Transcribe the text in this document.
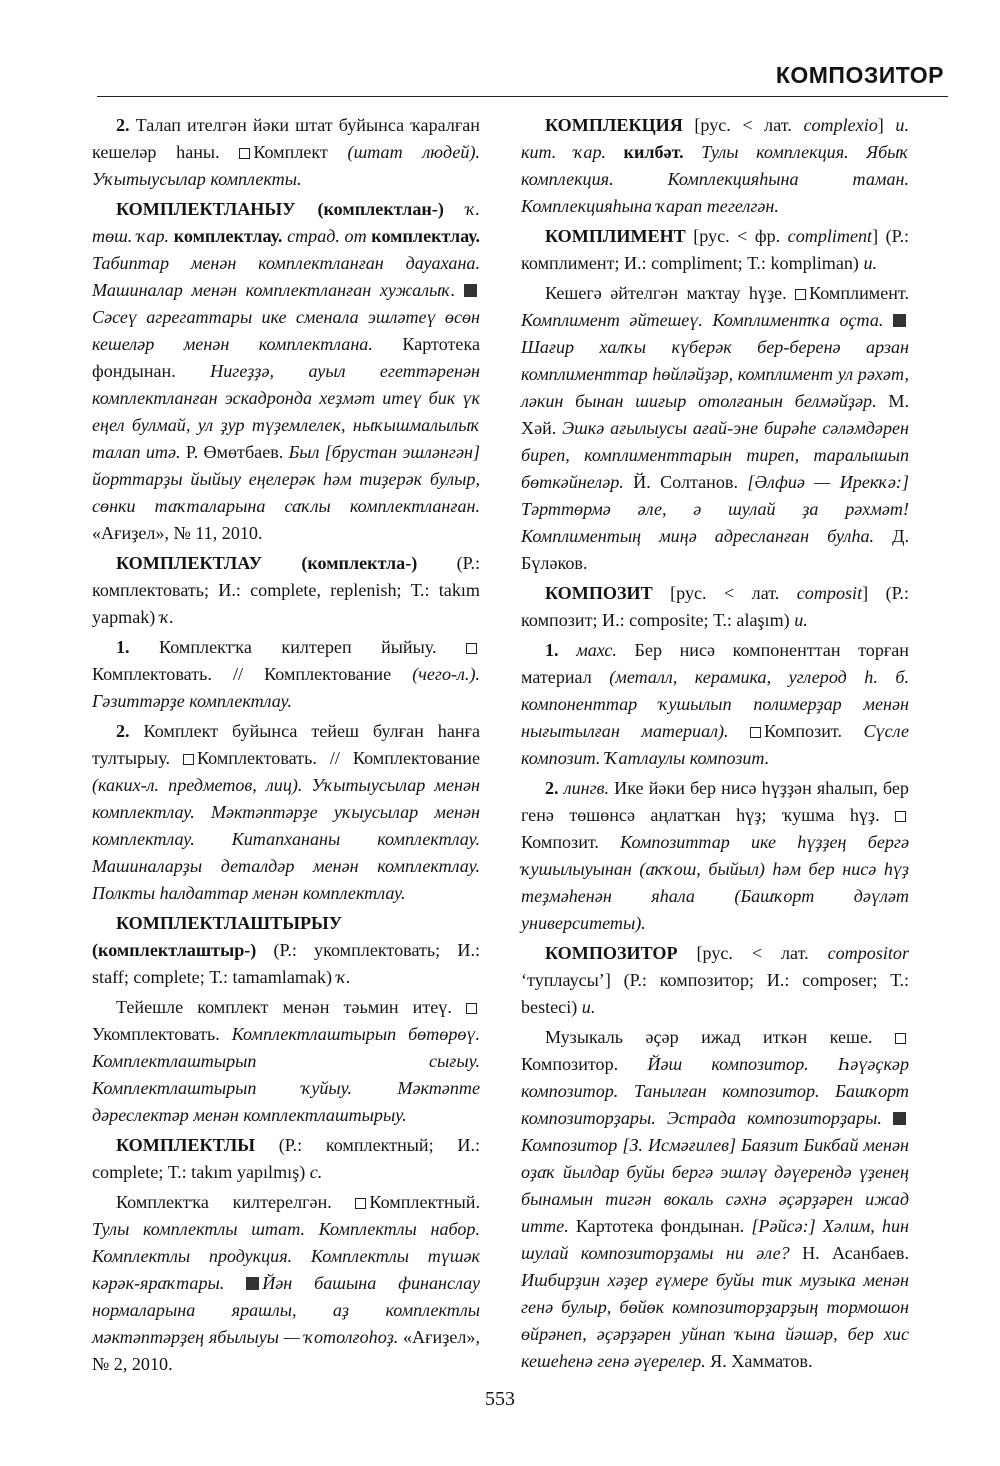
КОМПОЗИТОР

2. Талап ителгән йәки штат буйынса ҡаралған кешеләр һаны. Комплект (штат людей). Уҡытыусылар комплекты.

КОМПЛЕКТЛАНЫУ (комплектлан-) ҡ. төш. ҡар. комплектлау. страд. от комплектлау. Табиптар менән комплектланған дауахана. Машиналар менән комплектланған хужалыҡ. Сәсеү агрегаттары ике сменала эшләтеү өсөн кешеләр менән комплектлана. Картотека фондынан. Нигеҙҙә, ауыл егеттәренән комплектланған эскадронда хеҙмәт итеү бик үк еңел булмай, ул ҙур түҙемлелек, ныҡышмалылыҡ талап итә. Р. Өмөтбаев. Был [брустан эшләнгән] йорттарҙы йыйыу еңелерәк һәм тиҙерәк булыр, сөнки таҡталарына саҡлы комплектланған. «Ағиҙел», № 11, 2010.

КОМПЛЕКТЛАУ (комплектла-) (Р.: комплектовать; И.: complete, replenish; Т.: takım yapmak) ҡ.

1. Комплектҡа килтереп йыйыу. Комплектовать. // Комплектование (чего-л.). Гәзиттәрҙе комплектлау.

2. Комплект буйынса тейеш булған һанға тултырыу. Комплектовать. // Комплектование (каких-л. предметов, лиц). Уҡытыусылар менән комплектлау. Мәктәптәрҙе уҡыусылар менән комплектлау. Китапхананы комплектлау. Машиналарҙы деталдәр менән комплектлау. Полкты һалдаттар менән комплектлау.

КОМПЛЕКТЛАШТЫРЫУ (комплектлаштыр-) (Р.: укомплектовать; И.: staff; complete; Т.: tamamlamak) ҡ.

Тейешле комплект менән тәьмин итеү. Укомплектовать. Комплектлаштырып бөтөрөү. Комплектлаштырып сығыу. Комплектлаштырып ҡуйыу. Мәктәпте дәреслектәр менән комплектлаштырыу.

КОМПЛЕКТЛЫ (Р.: комплектный; И.: complete; Т.: takım yapılmış) с.

Комплектҡа килтерелгән. Комплектный. Тулы комплектлы штат. Комплектлы набор. Комплектлы продукция. Комплектлы түшәк кәрәк-яраҡтары. Йән башына финанслау нормаларына ярашлы, аҙ комплектлы мәктәптәрҙең ябылыуы — ҡотолғоһоҙ. «Ағиҙел», № 2, 2010.

КОМПЛЕКЦИЯ [рус. < лат. complexio] и. кит. ҡар. килбәт. Тулы комплекция. Ябыҡ комплекция. Комплекцияһына таман. Комплекцияһына ҡарап тегелгән.

КОМПЛИМЕНТ [рус. < фр. compliment] (Р.: комплимент; И.: compliment; Т.: kompliman) и.

Кешегә әйтелгән маҡтау һүҙе. Комплимент. Комплимент әйтешеү. Комплиментҡа оҫта. Шағир халҡы күберәк бер-беренә арзан комплименттар һөйләйҙәр, комплимент ул рәхәт, ләкин бынан шиғыр отолғанын белмәйҙәр. М. Хәй. Эшкә ағылыусы ағай-эне бирәһе сәләмдәрен биреп, комплименттарын тиреп, таралышып бөткәйнеләр. Й. Солтанов. [Әлфиә — Ирекҡә:] Тәрттөрмә әле, ә шулай ҙа рәхмәт! Комплиментың миңә адресланған булһа. Д. Бүләков.

КОМПОЗИТ [рус. < лат. composit] (Р.: композит; И.: composite; Т.: alaşım) и.

1. махс. Бер нисә компоненттан торған материал (металл, керамика, углерод һ. б. компоненттар ҡушылып полимерҙар менән нығытылған материал). Композит. Сүсле композит. Ҡатлаулы композит.

2. лингв. Ике йәки бер нисә һүҙҙән яһалып, бер генә төшөнсә аңлатҡан һүҙ; ҡушма һүҙ. Композит. Композиттар ике һүҙҙең бергә ҡушылыуынан (аҡҡош, быйыл) һәм бер нисә һүҙ теҙмәһенән яһала (Башҡорт дәүләт университеты).

КОМПОЗИТОР [рус. < лат. compositor ‘туплаусы’] (Р.: композитор; И.: composer; Т.: besteci) и.

Музыкаль әҫәр ижад иткән кеше. Композитор. Йәш композитор. Һәүәҫкәр композитор. Танылған композитор. Башҡорт композиторҙары. Эстрада композиторҙары. Композитор [З. Исмәғилев] Баязит Бикбай менән оҙаҡ йылдар буйы бергә эшләү дәүерендә үҙенең бынамын тигән вокаль сәхнә әҫәрҙәрен ижад итте. Картотека фондынан. [Рәйсә:] Хәлим, һин шулай композиторҙамы ни әле? Н. Асанбаев. Ишбирҙин хәҙер ғүмере буйы тик музыка менән генә булыр, бөйөк композиторҙарҙың тормошон өйрәнеп, әҫәрҙәрен уйнап ҡына йәшәр, бер хис кешеһенә генә әүерелер. Я. Хамматов.

553
